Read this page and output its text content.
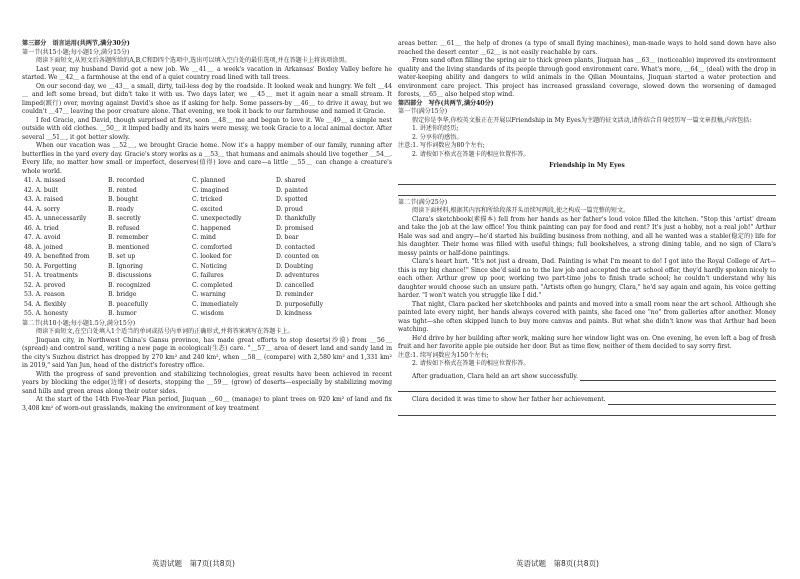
第三部分　语言运用(共两节,满分30分)

第一节(共15小题;每小题1分,满分15分)

阅读下面短文,从短文后各题所给的A,B,C和D四个选项中,选出可以填入空白处的最佳选项,并在答题卡上将该项涂黑。

Last year, my husband David got a new job. We ＿41＿ a week's vacation in Arkansas' Boxley Valley before he started. We ＿42＿ a farmhouse at the end of a quiet country road lined with tall trees.

On our second day, we ＿43＿ a small, dirty, tail-less dog by the roadside. It looked weak and hungry. We felt ＿44＿ and left some bread, but didn't take it with us. Two days later, we ＿45＿ met it again near a small stream. It limped(跛行) over, moving against David's shoe as if asking for help. Some passers-by ＿46＿ to drive it away, but we couldn't ＿47＿ leaving the poor creature alone. That evening, we took it back to our farmhouse and named it Gracie.

I fed Gracie, and David, though surprised at first, soon ＿48＿ me and began to love it. We ＿49＿ a simple nest outside with old clothes. ＿50＿ it limped badly and its hairs were messy, we took Gracie to a local animal doctor. After several ＿51＿, it got better slowly.

When our vacation was ＿52＿, we brought Gracie home. Now it's a happy member of our family, running after butterflies in the yard every day. Gracie's story works as a ＿53＿ that humans and animals should live together ＿54＿. Every life, no matter how small or imperfect, deserves(值得) love and care—a little ＿55＿ can change a creature's whole world.

41. A. missed	B. recorded	C. planned	D. shared
42. A. built	B. rented	C. imagined	D. painted
43. A. raised	B. bought	C. tricked	D. spotted
44. A. sorry	B. ready	C. excited	D. proud
45. A. unnecessarily	B. secretly	C. unexpectedly	D. thankfully
46. A. tried	B. refused	C. happened	D. promised
47. A. avoid	B. remember	C. mind	D. bear
48. A. joined	B. mentioned	C. comforted	D. contacted
49. A. benefited from	B. set up	C. looked for	D. counted on
50. A. Forgetting	B. Ignoring	C. Noticing	D. Doubting
51. A. treatments	B. discussions	C. failures	D. adventures
52. A. proved	B. recognized	C. completed	D. cancelled
53. A. reason	B. bridge	C. warning	D. reminder
54. A. flexibly	B. peacefully	C. immediately	D. purposefully
55. A. honesty	B. humor	C. wisdom	D. kindness

第二节(共10小题;每小题1.5分,满分15分)

阅读下面短文,在空白处填入1个适当的单词或括号内单词的正确形式,并将答案填写在答题卡上。

Jiuquan city, in Northwest China's Gansu province, has made great efforts to stop deserts(沙漠) from ＿56＿ (spread) and control sand, writing a new page in ecological(生态) care. "＿57＿ area of desert land and sandy land in the city's Suzhou district has dropped by 270 km² and 240 km², when ＿58＿ (compare) with 2,580 km² and 1,331 km² in 2019," said Yan Jun, head of the district's forestry office.

With the progress of sand prevention and stabilizing technologies, great results have been achieved in recent years by blocking the edge(边缘) of deserts, stopping the ＿59＿ (grow) of deserts—especially by stabilizing moving sand hills and green areas along their outer sides.

At the start of the 14th Five-Year Plan period, Jiuquan ＿60＿ (manage) to plant trees on 920 km² of land and fix 3,408 km² of worn-out grasslands, making the environment of key treatment

英语试题　第7页(共8页)

areas better. ＿61＿ the help of drones (a type of small flying machines), man-made ways to hold sand down have also reached the desert center ＿62＿ is not easily reachable by cars.

From sand often filling the spring air to thick green plants, Jiuquan has ＿63＿ (noticeable) improved its environment quality and the living standards of its people through good environment care. What's more, ＿64＿ (deal) with the drop in water-keeping ability and dangers to wild animals in the Qilian Mountains, Jiuquan started a water protection and environment care project. This project has increased grassland coverage, slowed down the worsening of damaged forests, ＿65＿ also helped stop wind.

第四部分　写作(共两节,满分40分)

第一节(满分15分)

假定你是李华,你校英文报正在开展以Friendship in My Eyes为主题的征文活动,请你结合自身经历写一篇文章投稿,内容包括:

1. 讲述你的经历;

2. 分享你的感悟。

注意:1. 写作词数应为80个左右;

2. 请按如下格式在答题卡的相应位置作答。

Friendship in My Eyes

第二节(满分25分)

阅读下面材料,根据其内容和所给段落开头语续写两段,使之构成一篇完整的短文。

Clara's sketchbook(素描本) fell from her hands as her father's loud voice filled the kitchen. "Stop this 'artist' dream and take the job at the law office! You think painting can pay for food and rent? It's just a hobby, not a real job!" Arthur Hale was sad and angry—he'd started his building business from nothing, and all he wanted was a stable(稳定的) life for his daughter. Their home was filled with useful things; full bookshelves, a strong dining table, and no sign of Clara's messy paints or half-done paintings.

Clara's heart hurt. "It's not just a dream, Dad. Painting is what I'm meant to do! I got into the Royal College of Art—this is my big chance!" Since she'd said no to the law job and accepted the art school offer, they'd hardly spoken nicely to each other. Arthur grew up poor, working two part-time jobs to finish trade school; he couldn't understand why his daughter would choose such an unsure path. "Artists often go hungry, Clara," he'd say again and again, his voice getting harder. "I won't watch you struggle like I did."

That night, Clara packed her sketchbooks and paints and moved into a small room near the art school. Although she painted late every night, her hands always covered with paints, she faced one "no" from galleries after another. Money was tight—she often skipped lunch to buy more canvas and paints. But what she didn't know was that Arthur had been watching.

He'd drive by her building after work, making sure her window light was on. One evening, he even left a bag of fresh fruit and her favorite apple pie outside her door. But as time flew, neither of them decided to say sorry first.

注意:1. 续写词数应为150个左右;

2. 请按如下格式在答题卡的相应位置作答。

After graduation, Clara held an art show successfully.
Clara decided it was time to show her father her achievement.
英语试题　第8页(共8页)
